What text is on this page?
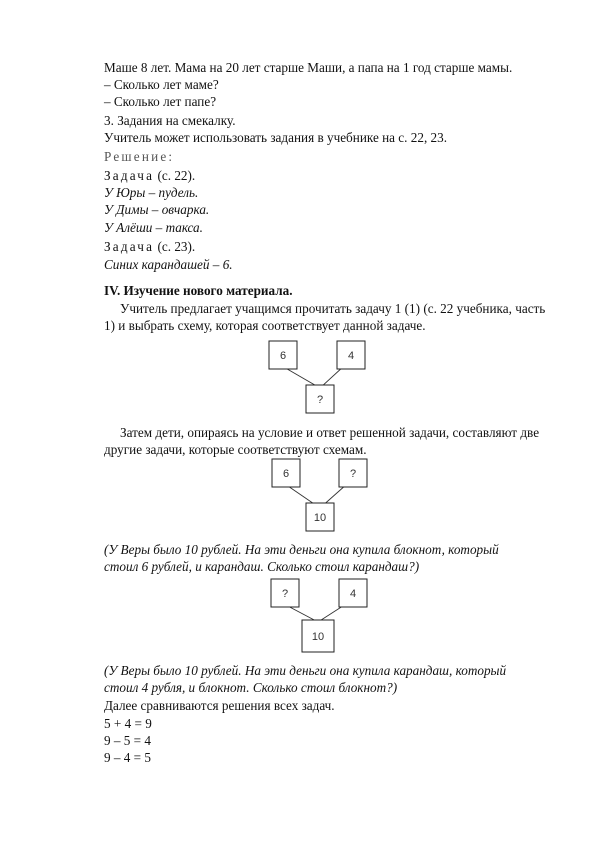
Маше 8 лет. Мама на 20 лет старше Маши, а папа на 1 год старше мамы.
– Сколько лет маме?
– Сколько лет папе?
3. Задания на смекалку.
Учитель может использовать задания в учебнике на с. 22, 23.
Решение:
Задача (с. 22).
У Юры – пудель.
У Димы – овчарка.
У Алёши – такса.
Задача (с. 23).
Синих карандашей – 6.
IV. Изучение нового материала.
Учитель предлагает учащимся прочитать задачу 1 (1) (с. 22 учебника, часть
1) и выбрать схему, которая соответствует данной задаче.
6	4
?
Затем дети, опираясь на условие и ответ решенной задачи, составляют две
другие задачи, которые соответствуют схемам.
6	?
10
(У Веры было 10 рублей. На эти деньги она купила блокнот, который
стоил 6 рублей, и карандаш. Сколько стоил карандаш?)
?	4
10
(У Веры было 10 рублей. На эти деньги она купила карандаш, который
стоил 4 рубля, и блокнот. Сколько стоил блокнот?)
Далее сравниваются решения всех задач.
5 + 4 = 9
9 – 5 = 4
9 – 4 = 5
